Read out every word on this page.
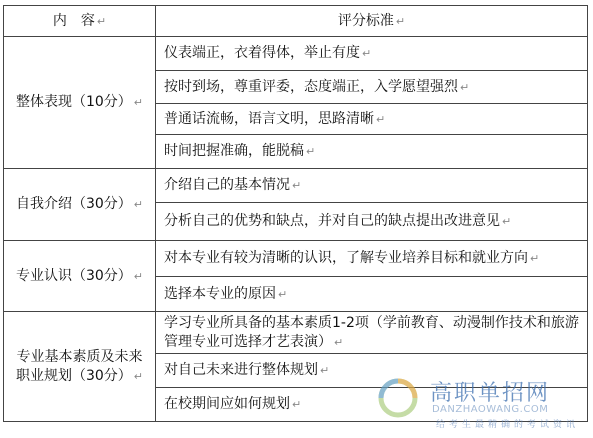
内　容 ↵	评分标准 ↵
整体表现（10分） ↵	仪表端正，衣着得体，举止有度 ↵
	按时到场，尊重评委，态度端正，入学愿望强烈 ↵
	普通话流畅，语言文明，思路清晰 ↵
	时间把握准确，能脱稿 ↵
自我介绍（30分） ↵	介绍自己的基本情况 ↵
	分析自己的优势和缺点，并对自己的缺点提出改进意见 ↵
专业认识（30分） ↵	对本专业有较为清晰的认识，了解专业培养目标和就业方向 ↵
	选择本专业的原因 ↵
专业基本素质及未来职业规划（30分） ↵	学习专业所具备的基本素质1-2项（学前教育、动漫制作技术和旅游管理专业可选择才艺表演） ↵
	对自己未来进行整体规划 ↵
	在校期间应如何规划 ↵	高职单招网
DANZHAOWANG.COM
给考生最精确的考试资讯
